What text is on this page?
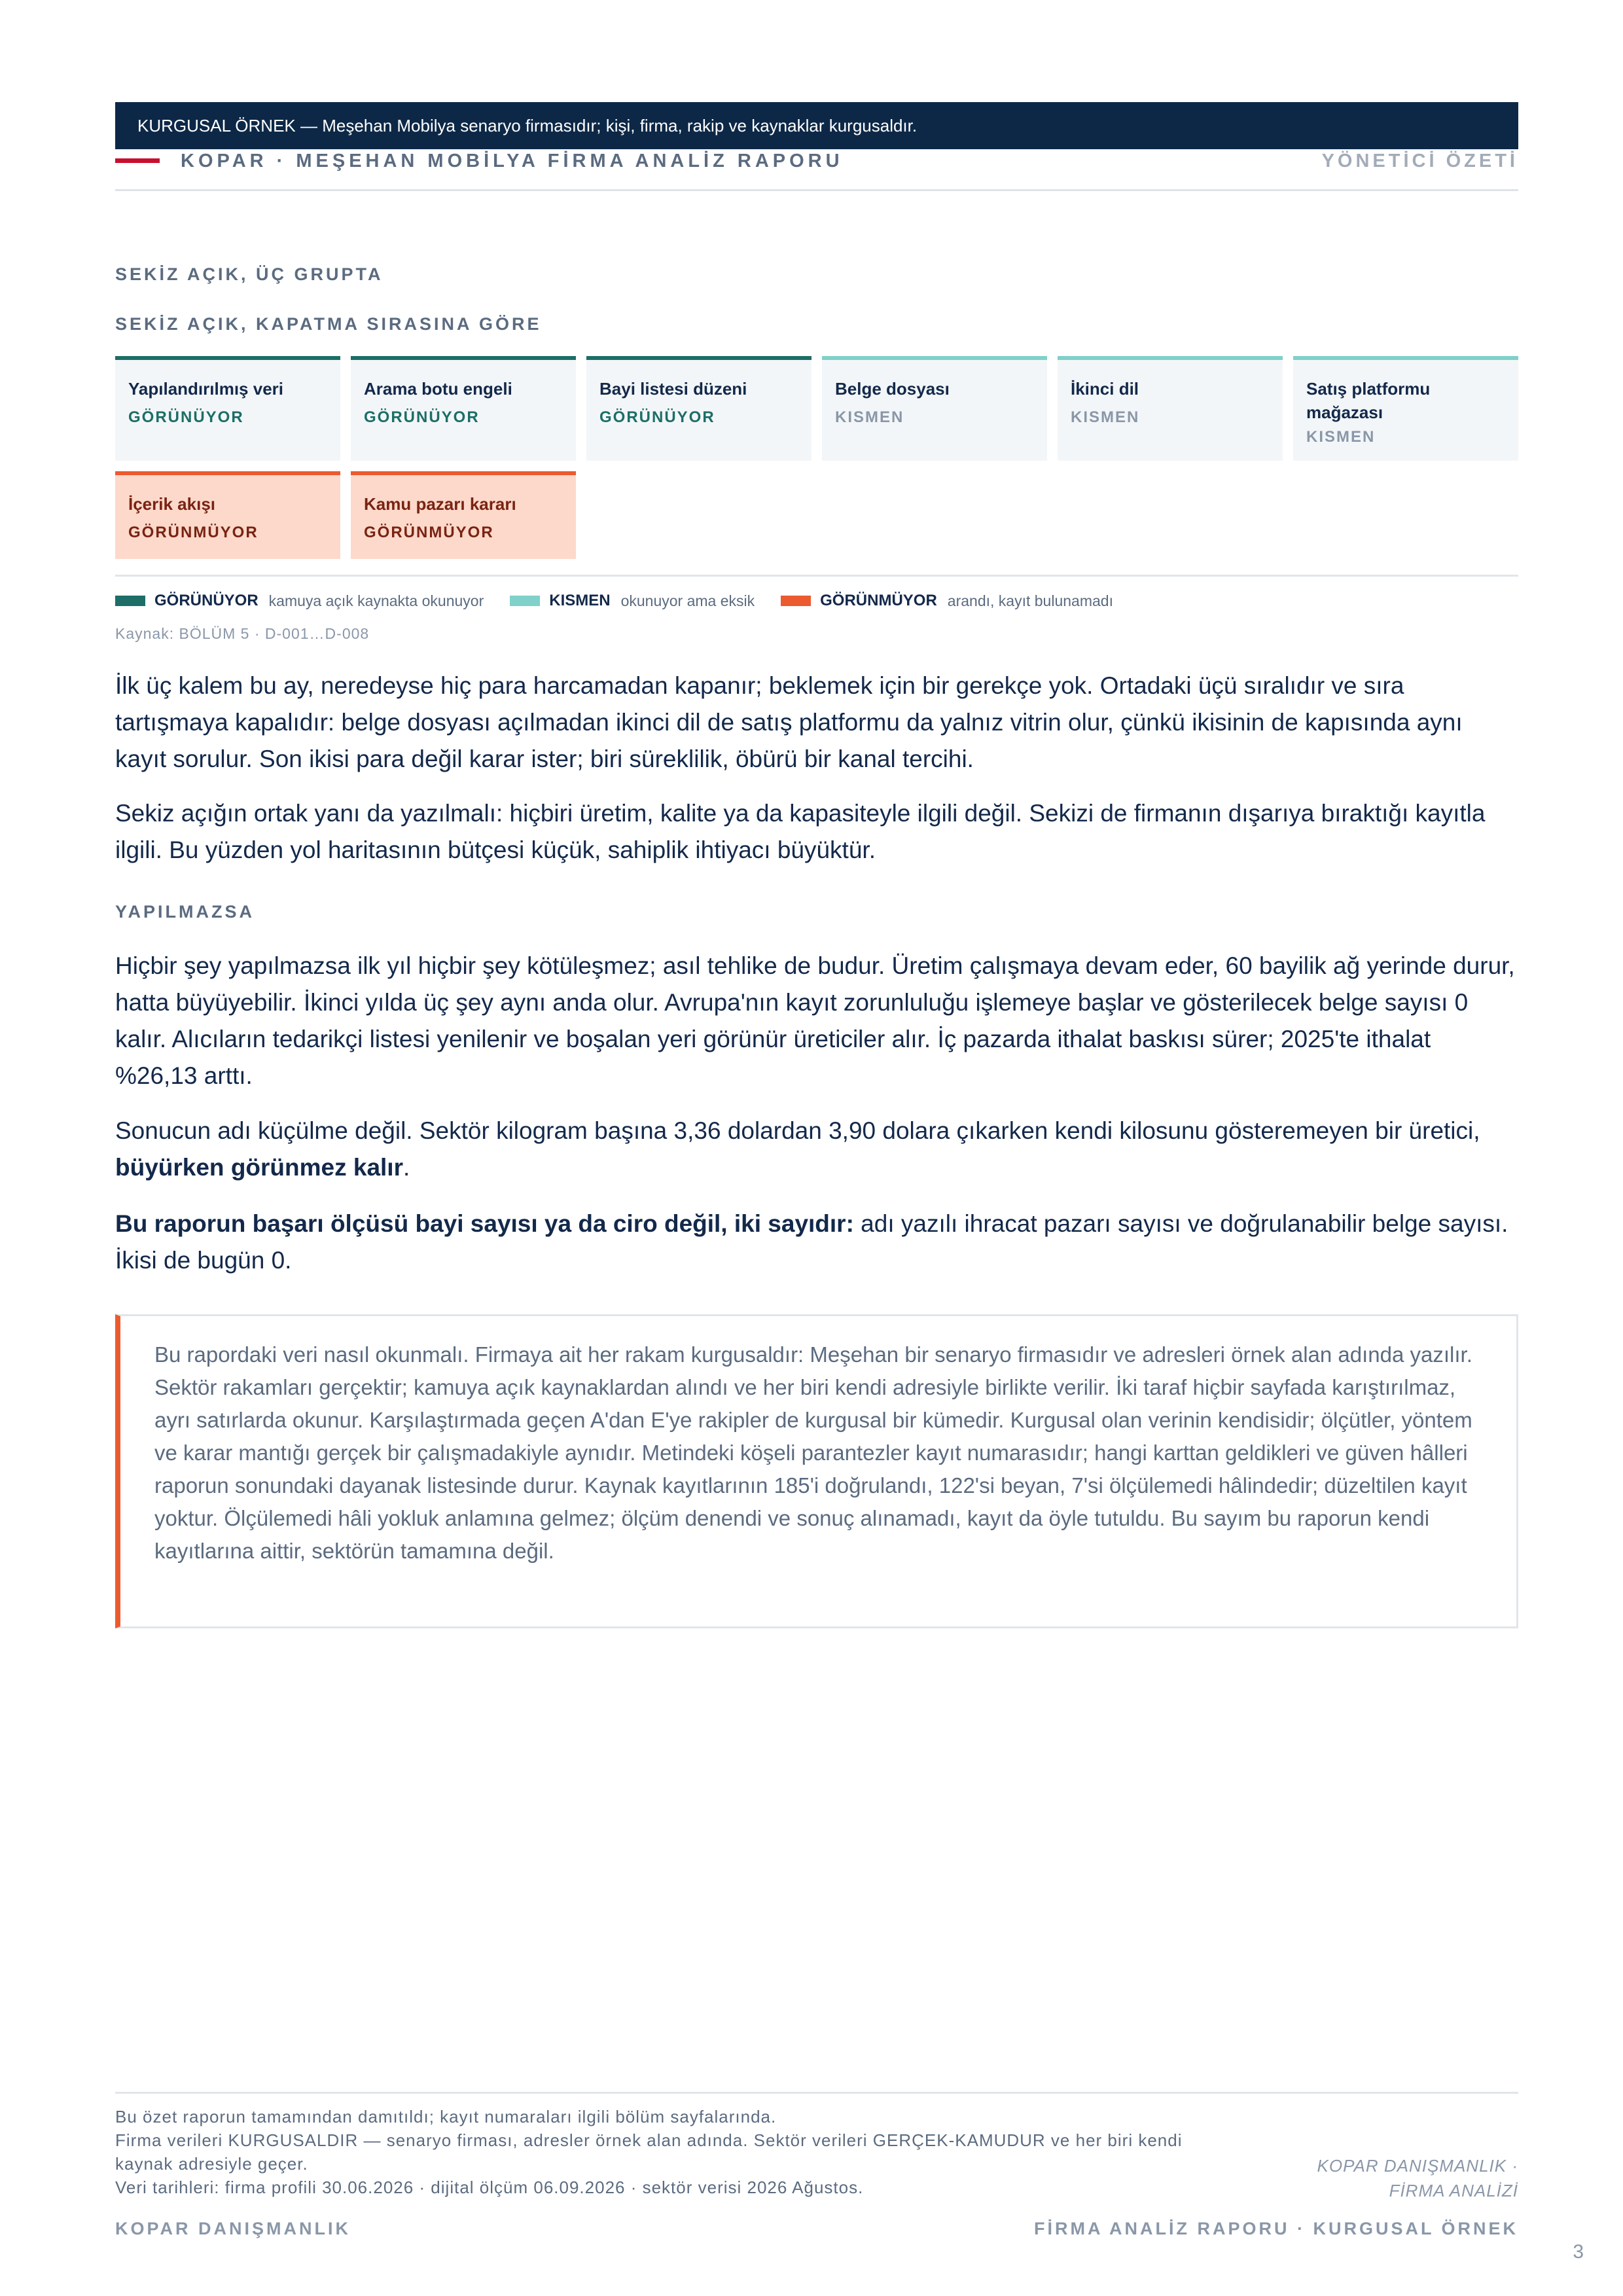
KURGUSAL ÖRNEK — Meşehan Mobilya senaryo firmasıdır; kişi, firma, rakip ve kaynaklar kurgusaldır.
KOPAR · MEŞEHAN MOBİLYA FİRMA ANALİZ RAPORU	YÖNETİCİ ÖZETİ
SEKİZ AÇIK, ÜÇ GRUPTA
SEKİZ AÇIK, KAPATMA SIRASINA GÖRE
Yapılandırılmış veri
GÖRÜNÜYOR
Arama botu engeli
GÖRÜNÜYOR
Bayi listesi düzeni
GÖRÜNÜYOR
Belge dosyası
KISMEN
İkinci dil
KISMEN
Satış platformu mağazası
KISMEN
İçerik akışı
GÖRÜNMÜYOR
Kamu pazarı kararı
GÖRÜNMÜYOR
GÖRÜNÜYOR kamuya açık kaynakta okunuyor	KISMEN okunuyor ama eksik	GÖRÜNMÜYOR arandı, kayıt bulunamadı
Kaynak: BÖLÜM 5 · D-001…D-008

İlk üç kalem bu ay, neredeyse hiç para harcamadan kapanır; beklemek için bir gerekçe yok. Ortadaki üçü sıralıdır ve sıra tartışmaya kapalıdır: belge dosyası açılmadan ikinci dil de satış platformu da yalnız vitrin olur, çünkü ikisinin de kapısında aynı kayıt sorulur. Son ikisi para değil karar ister; biri süreklilik, öbürü bir kanal tercihi.

Sekiz açığın ortak yanı da yazılmalı: hiçbiri üretim, kalite ya da kapasiteyle ilgili değil. Sekizi de firmanın dışarıya bıraktığı kayıtla ilgili. Bu yüzden yol haritasının bütçesi küçük, sahiplik ihtiyacı büyüktür.

YAPILMAZSA

Hiçbir şey yapılmazsa ilk yıl hiçbir şey kötüleşmez; asıl tehlike de budur. Üretim çalışmaya devam eder, 60 bayilik ağ yerinde durur, hatta büyüyebilir. İkinci yılda üç şey aynı anda olur. Avrupa'nın kayıt zorunluluğu işlemeye başlar ve gösterilecek belge sayısı 0 kalır. Alıcıların tedarikçi listesi yenilenir ve boşalan yeri görünür üreticiler alır. İç pazarda ithalat baskısı sürer; 2025'te ithalat %26,13 arttı.

Sonucun adı küçülme değil. Sektör kilogram başına 3,36 dolardan 3,90 dolara çıkarken kendi kilosunu gösteremeyen bir üretici, büyürken görünmez kalır.

Bu raporun başarı ölçüsü bayi sayısı ya da ciro değil, iki sayıdır: adı yazılı ihracat pazarı sayısı ve doğrulanabilir belge sayısı. İkisi de bugün 0.

Bu rapordaki veri nasıl okunmalı. Firmaya ait her rakam kurgusaldır: Meşehan bir senaryo firmasıdır ve adresleri örnek alan adında yazılır. Sektör rakamları gerçektir; kamuya açık kaynaklardan alındı ve her biri kendi adresiyle birlikte verilir. İki taraf hiçbir sayfada karıştırılmaz, ayrı satırlarda okunur. Karşılaştırmada geçen A'dan E'ye rakipler de kurgusal bir kümedir. Kurgusal olan verinin kendisidir; ölçütler, yöntem ve karar mantığı gerçek bir çalışmadakiyle aynıdır. Metindeki köşeli parantezler kayıt numarasıdır; hangi karttan geldikleri ve güven hâlleri raporun sonundaki dayanak listesinde durur. Kaynak kayıtlarının 185'i doğrulandı, 122'si beyan, 7'si ölçülemedi hâlindedir; düzeltilen kayıt yoktur. Ölçülemedi hâli yokluk anlamına gelmez; ölçüm denendi ve sonuç alınamadı, kayıt da öyle tutuldu. Bu sayım bu raporun kendi kayıtlarına aittir, sektörün tamamına değil.
Bu özet raporun tamamından damıtıldı; kayıt numaraları ilgili bölüm sayfalarında.
Firma verileri KURGUSALDIR — senaryo firması, adresler örnek alan adında. Sektör verileri GERÇEK-KAMUDUR ve her biri kendi kaynak adresiyle geçer.
Veri tarihleri: firma profili 30.06.2026 · dijital ölçüm 06.09.2026 · sektör verisi 2026 Ağustos.
KOPAR DANIŞMANLIK · FİRMA ANALİZİ
KOPAR DANIŞMANLIK	FİRMA ANALİZ RAPORU · KURGUSAL ÖRNEK
3
